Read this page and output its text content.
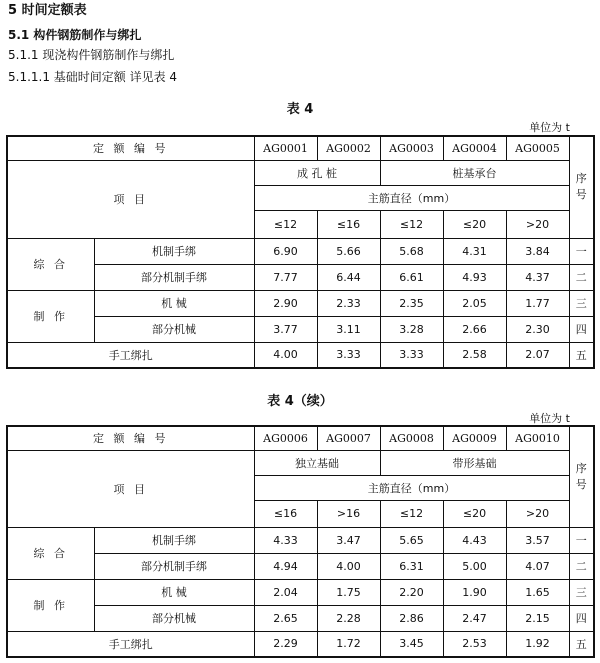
5 时间定额表
5.1 构件钢筋制作与绑扎
5.1.1 现浇构件钢筋制作与绑扎
5.1.1.1 基础时间定额 详见表 4
表 4
单位为 t
定 额 编 号		AG0001	AG0002	AG0003	AG0004	AG0005	序号
项 目		成 孔 桩		桩基承台			
		主筋直径（mm）					
		≤12	≤16	≤12	≤20	>20	
综 合	机制手绑	6.90	5.66	5.68	4.31	3.84	一
	部分机制手绑	7.77	6.44	6.61	4.93	4.37	二
制 作	机 械	2.90	2.33	2.35	2.05	1.77	三
	部分机械	3.77	3.11	3.28	2.66	2.30	四
手工绑扎		4.00	3.33	3.33	2.58	2.07	五
表 4（续）
单位为 t
定 额 编 号		AG0006	AG0007	AG0008	AG0009	AG0010	序号
项 目		独立基础		带形基础			
		主筋直径（mm）					
		≤16	>16	≤12	≤20	>20	
综 合	机制手绑	4.33	3.47	5.65	4.43	3.57	一
	部分机制手绑	4.94	4.00	6.31	5.00	4.07	二
制 作	机 械	2.04	1.75	2.20	1.90	1.65	三
	部分机械	2.65	2.28	2.86	2.47	2.15	四
手工绑扎		2.29	1.72	3.45	2.53	1.92	五
